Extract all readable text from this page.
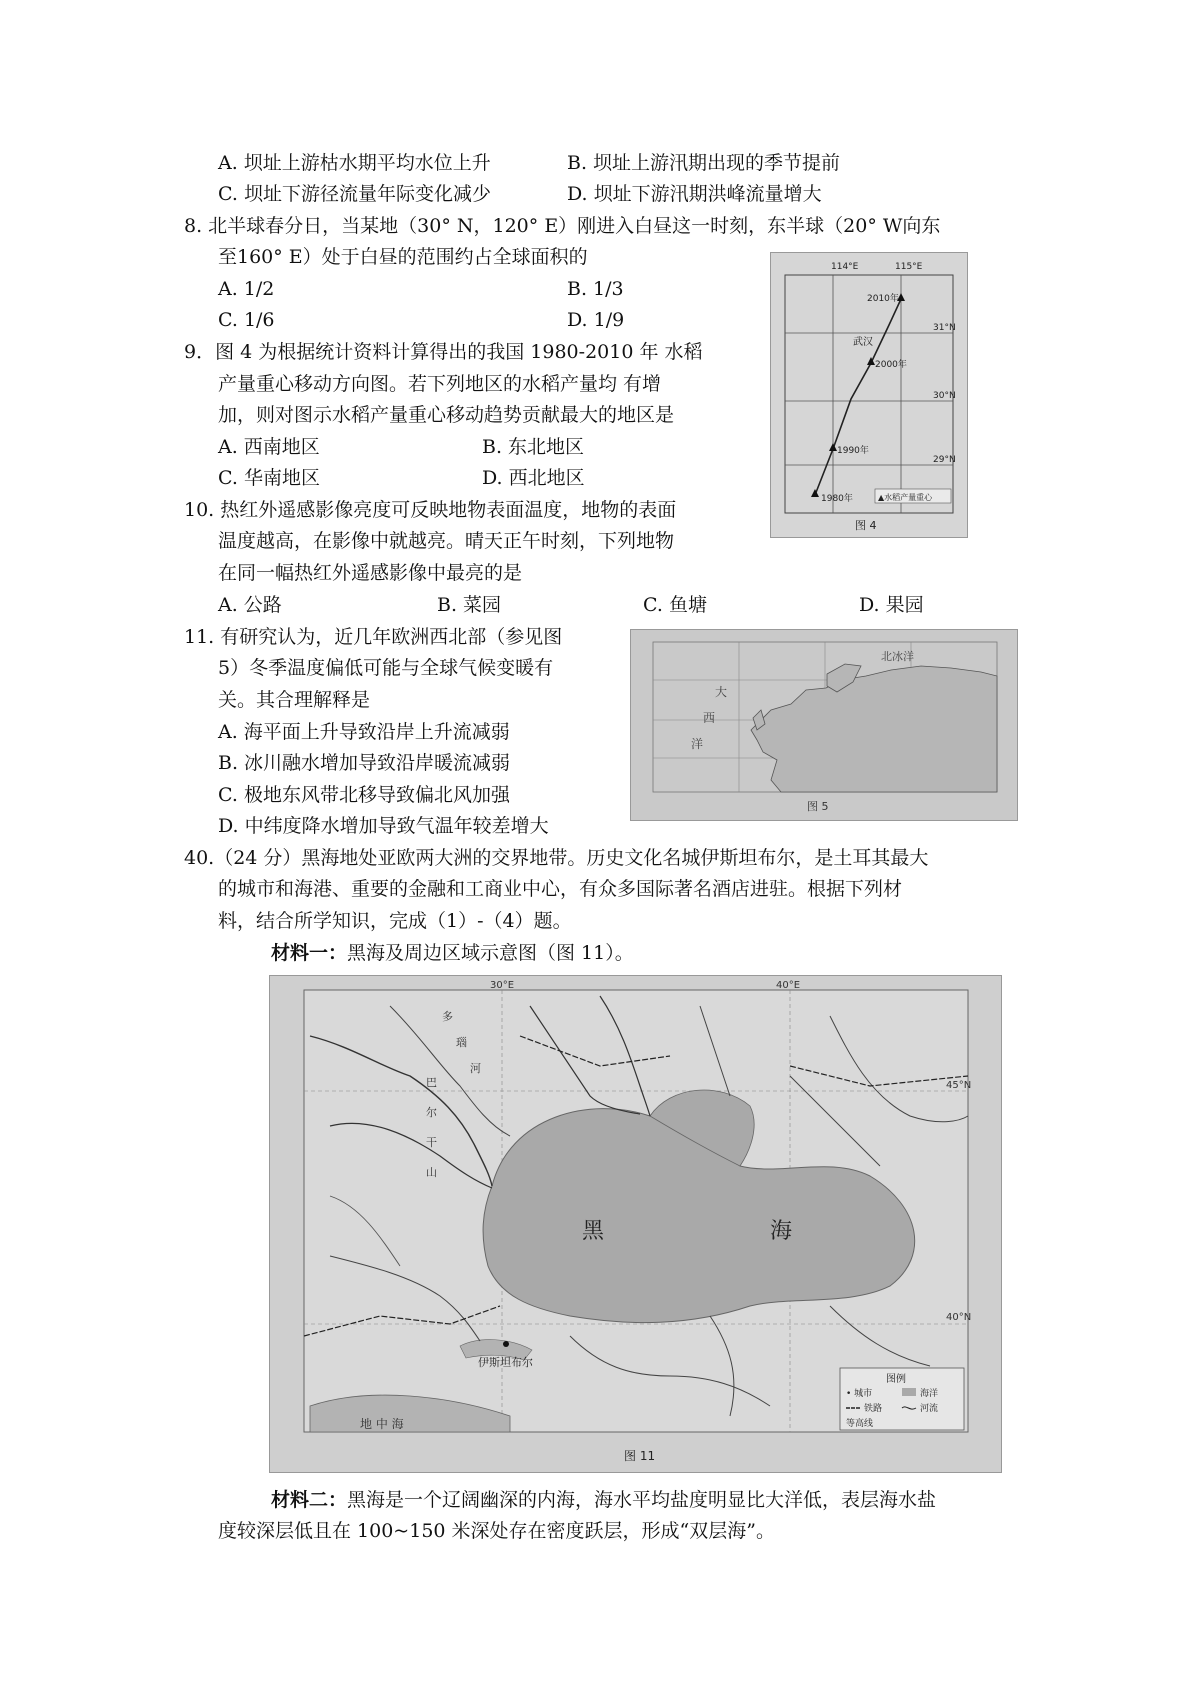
A. 坝址上游枯水期平均水位上升	B. 坝址上游汛期出现的季节提前
C. 坝址下游径流量年际变化减少	D. 坝址下游汛期洪峰流量增大
8. 北半球春分日，当某地（30° N，120° E）刚进入白昼这一时刻，东半球（20° W向东
至160° E）处于白昼的范围约占全球面积的
A. 1/2	B. 1/3
C. 1/6	D. 1/9
9．图 4 为根据统计资料计算得出的我国 1980-2010 年 水稻
产量重心移动方向图。若下列地区的水稻产量均 有增
加，则对图示水稻产量重心移动趋势贡献最大的地区是
A. 西南地区	B. 东北地区
C. 华南地区	D. 西北地区
114°E	115°E
31°N
30°N
29°N
武汉
2010年
2000年
1990年
1980年	▲水稻产量重心
图 4
10. 热红外遥感影像亮度可反映地物表面温度，地物的表面
温度越高，在影像中就越亮。晴天正午时刻，下列地物
在同一幅热红外遥感影像中最亮的是
A. 公路	B. 菜园	C. 鱼塘	D. 果园
11. 有研究认为，近几年欧洲西北部（参见图
5）冬季温度偏低可能与全球气候变暖有
关。其合理解释是
A. 海平面上升导致沿岸上升流减弱
B. 冰川融水增加导致沿岸暖流减弱
C. 极地东风带北移导致偏北风加强
D. 中纬度降水增加导致气温年较差增大
北冰洋
大
西
洋
图 5
40.（24 分）黑海地处亚欧两大洲的交界地带。历史文化名城伊斯坦布尔，是土耳其最大
的城市和海港、重要的金融和工商业中心，有众多国际著名酒店进驻。根据下列材
料，结合所学知识，完成（1）-（4）题。
材料一：黑海及周边区域示意图（图 11）。
30°E	40°E
45°N
40°N
黑	海
伊斯坦布尔
地 中 海
巴
尔
干
山
多
瑙
河
图例
• 城市	海洋
铁路	河流
等高线
图 11
材料二：黑海是一个辽阔幽深的内海，海水平均盐度明显比大洋低，表层海水盐
度较深层低且在 100~150 米深处存在密度跃层，形成“双层海”。
